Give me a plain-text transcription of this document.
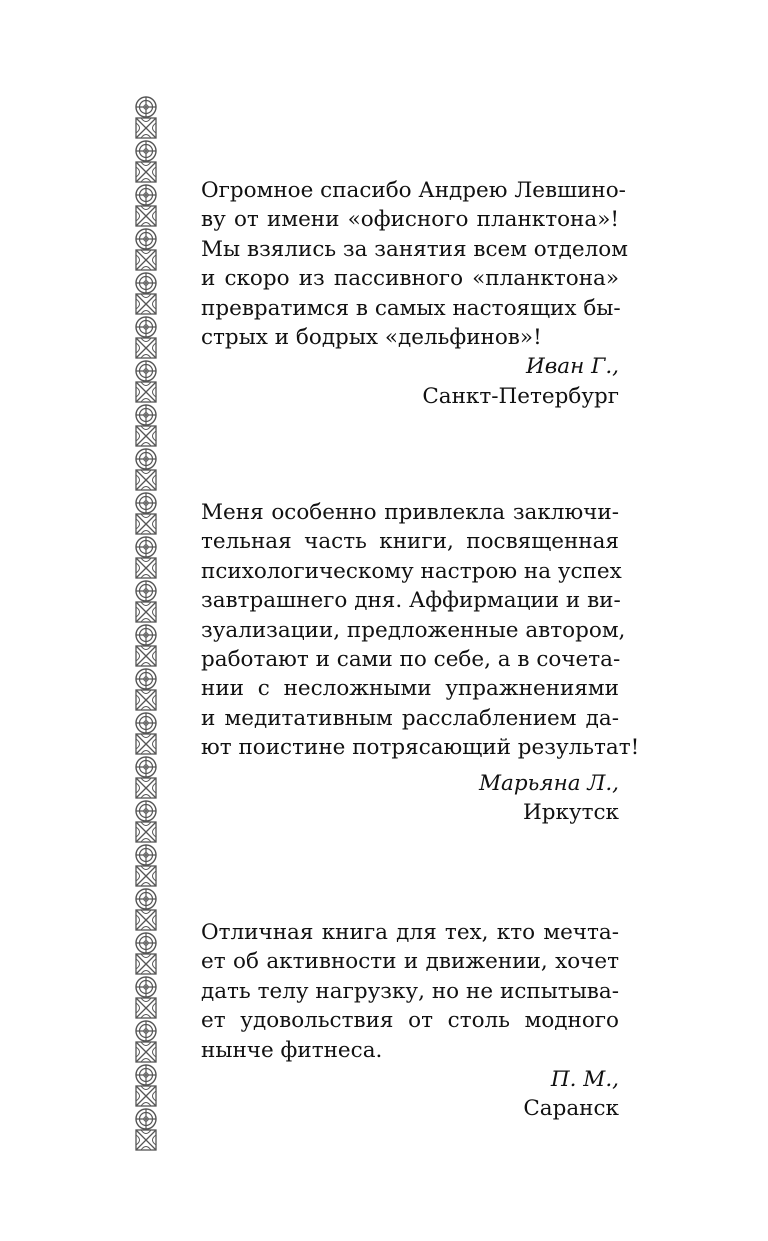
Огромное спасибо Андрею Левшино-
ву от имени «офисного планктона»!
Мы взялись за занятия всем отделом
и скоро из пассивного «планктона»
превратимся в самых настоящих бы-
стрых и бодрых «дельфинов»!
Иван Г.,
Санкт-Петербург
Меня особенно привлекла заключи-
тельная часть книги, посвященная
психологическому настрою на успех
завтрашнего дня. Аффирмации и ви-
зуализации, предложенные автором,
работают и сами по себе, а в сочета-
нии с несложными упражнениями
и медитативным расслаблением да-
ют поистине потрясающий результат!
Марьяна Л.,
Иркутск
Отличная книга для тех, кто мечта-
ет об активности и движении, хочет
дать телу нагрузку, но не испытыва-
ет удовольствия от столь модного
нынче фитнеса.
П. М.,
Саранск
